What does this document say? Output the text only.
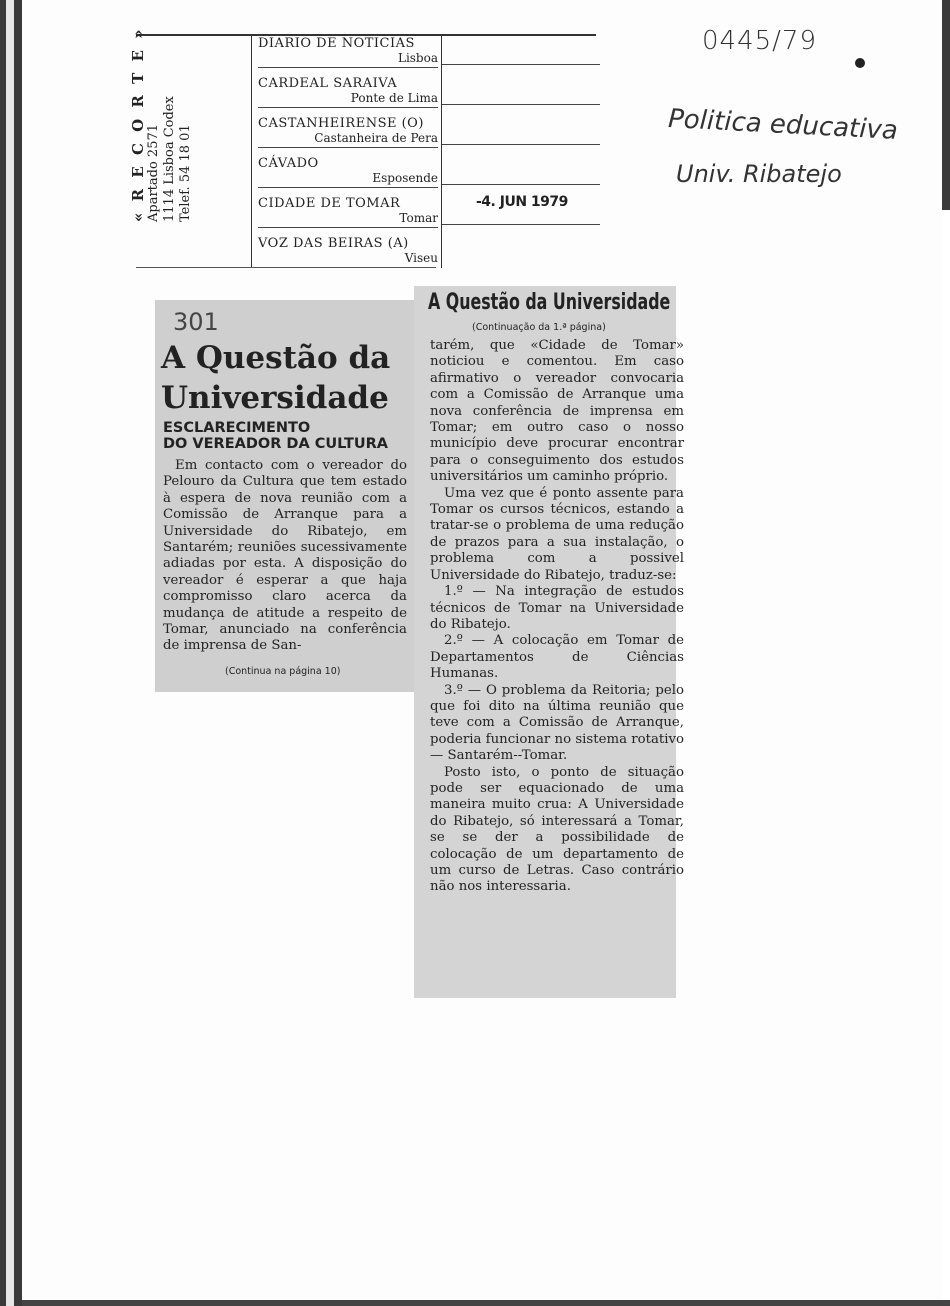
« R E C O R T E » Apartado 2571 1114 Lisboa Codex Telef. 54 18 01
DIARIO DE NOTICIAS
Lisboa
CARDEAL SARAIVA
Ponte de Lima
CASTANHEIRENSE (O)
Castanheira de Pera
CÁVADO
Esposende
CIDADE DE TOMAR
Tomar
VOZ DAS BEIRAS (A)
Viseu
-4. JUN 1979
0445/79
Politica educativa
Univ. Ribatejo
301
A Questão da Universidade
ESCLARECIMENTO
DO VEREADOR DA CULTURA

Em contacto com o vereador do Pelouro da Cultura que tem estado à espera de nova reunião com a Comissão de Arranque para a Universidade do Ribatejo, em Santarém; reuniões sucessivamente adiadas por esta. A disposição do vereador é esperar a que haja compromisso claro acerca da mudança de atitude a respeito de Tomar, anunciado na conferência de imprensa de San-

(Continua na página 10)
A Questão da Universidade
(Continuação da 1.ª página)

tarém, que «Cidade de Tomar» noticiou e comentou. Em caso afirmativo o vereador convocaria com a Comissão de Arranque uma nova conferência de imprensa em Tomar; em outro caso o nosso município deve procurar encontrar para o conseguimento dos estudos universitários um caminho próprio.

Uma vez que é ponto assente para Tomar os cursos técnicos, estando a tratar-se o problema de uma redução de prazos para a sua instalação, o problema com a possivel Universidade do Ribatejo, traduz-se:

1.º — Na integração de estudos técnicos de Tomar na Universidade do Ribatejo.

2.º — A colocação em Tomar de Departamentos de Ciências Humanas.

3.º — O problema da Reitoria; pelo que foi dito na última reunião que teve com a Comissão de Arranque, poderia funcionar no sistema rotativo — Santarém--Tomar.

Posto isto, o ponto de situação pode ser equacionado de uma maneira muito crua: A Universidade do Ribatejo, só interessará a Tomar, se se der a possibilidade de colocação de um departamento de um curso de Letras. Caso contrário não nos interessaria.
